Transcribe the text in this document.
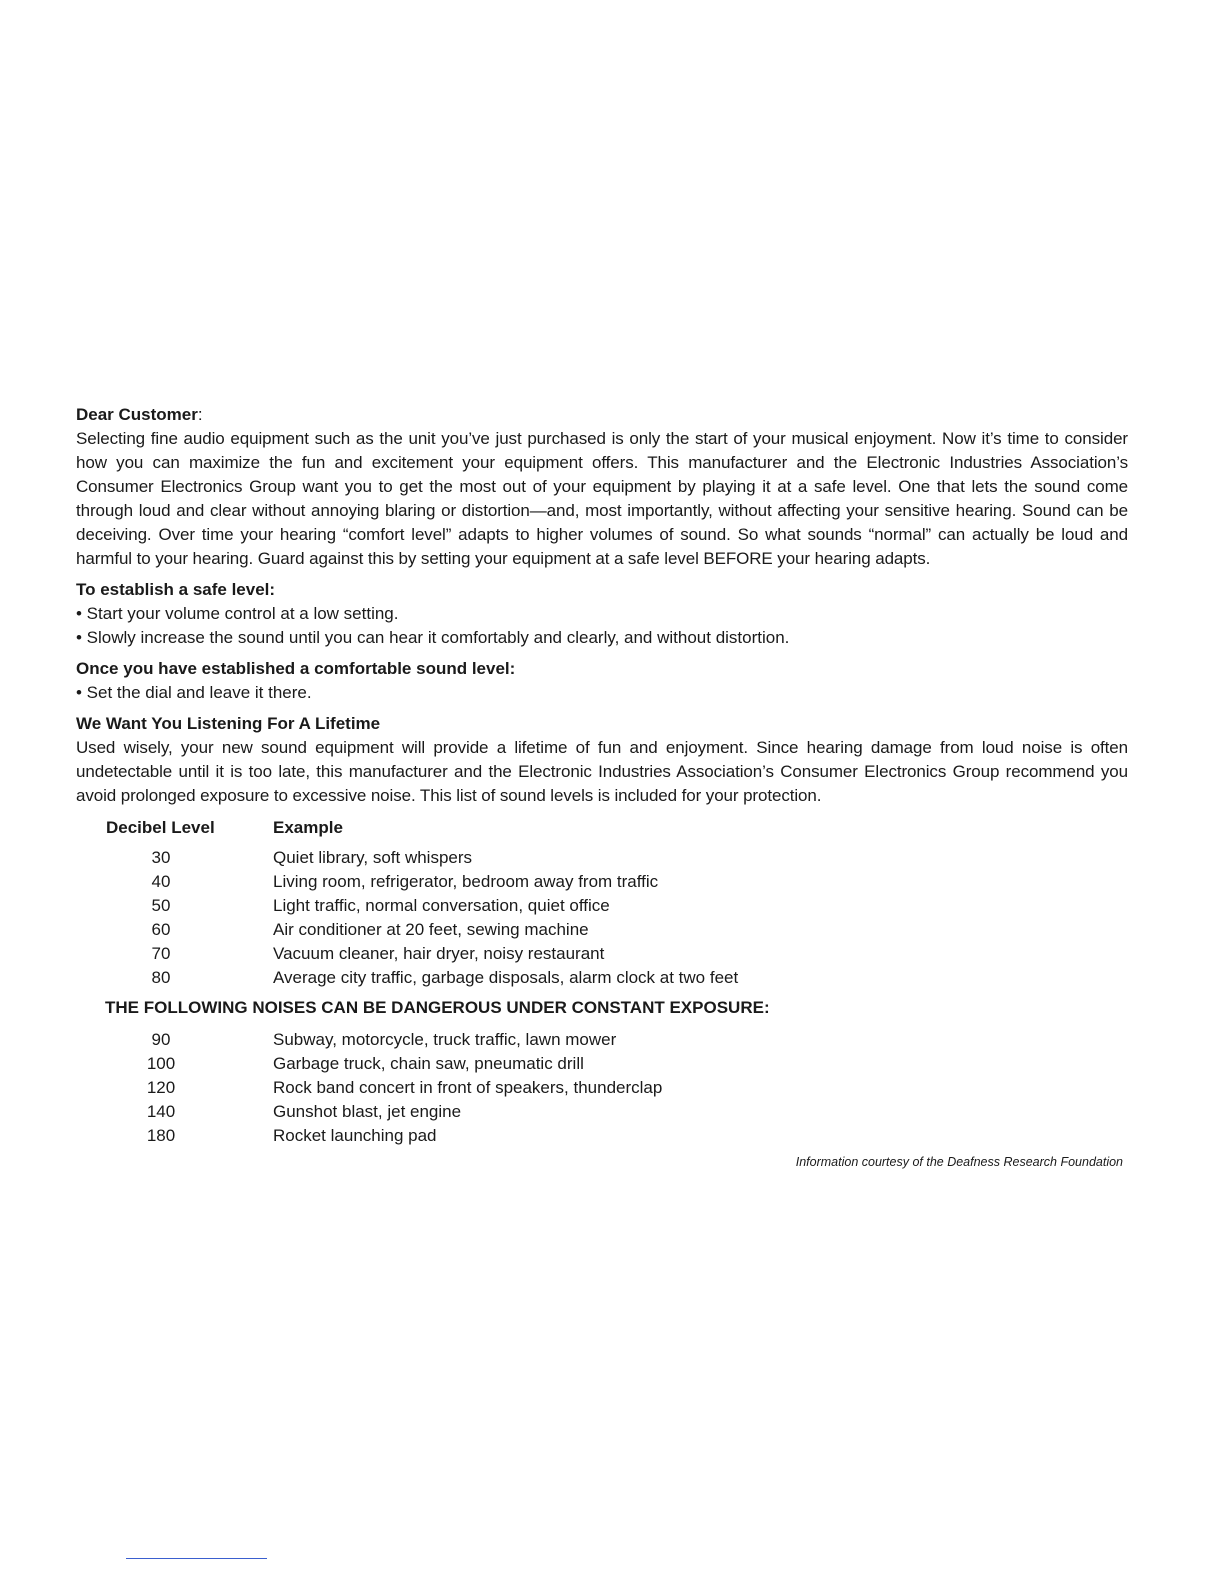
Dear Customer:

Selecting fine audio equipment such as the unit you’ve just purchased is only the start of your musical enjoyment. Now it’s time to consider how you can maximize the fun and excitement your equipment offers. This manufacturer and the Electronic Industries Association’s Consumer Electronics Group want you to get the most out of your equipment by playing it at a safe level. One that lets the sound come through loud and clear without annoying blaring or distortion—and, most importantly, without affecting your sensitive hearing. Sound can be deceiving. Over time your hearing “comfort level” adapts to higher volumes of sound. So what sounds “normal” can actually be loud and harmful to your hearing. Guard against this by setting your equipment at a safe level BEFORE your hearing adapts.

To establish a safe level:

• Start your volume control at a low setting.

• Slowly increase the sound until you can hear it comfortably and clearly, and without distortion.

Once you have established a comfortable sound level:

• Set the dial and leave it there.

We Want You Listening For A Lifetime

Used wisely, your new sound equipment will provide a lifetime of fun and enjoyment. Since hearing damage from loud noise is often undetectable until it is too late, this manufacturer and the Electronic Industries Association’s Consumer Electronics Group recommend you avoid prolonged exposure to excessive noise. This list of sound levels is included for your protection.

Decibel Level	Example
30	Quiet library, soft whispers
40	Living room, refrigerator, bedroom away from traffic
50	Light traffic, normal conversation, quiet office
60	Air conditioner at 20 feet, sewing machine
70	Vacuum cleaner, hair dryer, noisy restaurant
80	Average city traffic, garbage disposals, alarm clock at two feet
THE FOLLOWING NOISES CAN BE DANGEROUS UNDER CONSTANT EXPOSURE:
90	Subway, motorcycle, truck traffic, lawn mower
100	Garbage truck, chain saw, pneumatic drill
120	Rock band concert in front of speakers, thunderclap
140	Gunshot blast, jet engine
180	Rocket launching pad
Information courtesy of the Deafness Research Foundation
